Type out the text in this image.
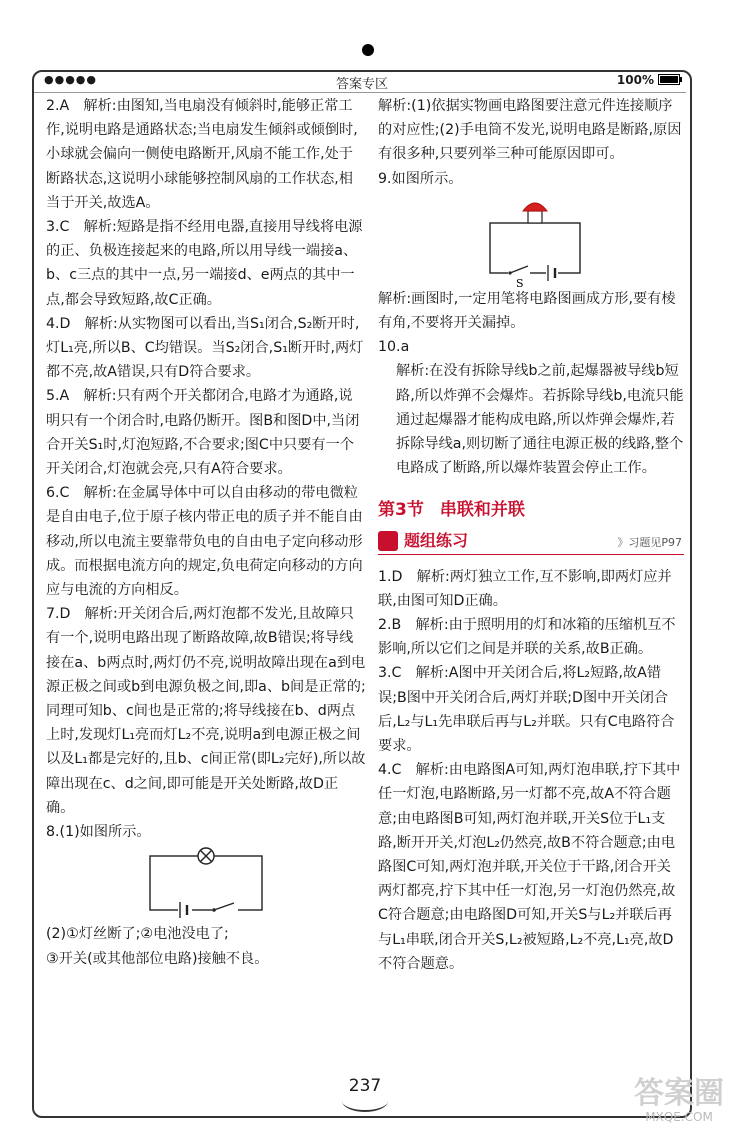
●●●●●	答案专区	100%

2.A　解析:由图知,当电扇没有倾斜时,能够正常工作,说明电路是通路状态;当电扇发生倾斜或倾倒时,小球就会偏向一侧使电路断开,风扇不能工作,处于断路状态,这说明小球能够控制风扇的工作状态,相当于开关,故选A。

3.C　解析:短路是指不经用电器,直接用导线将电源的正、负极连接起来的电路,所以用导线一端接a、b、c三点的其中一点,另一端接d、e两点的其中一点,都会导致短路,故C正确。

4.D　解析:从实物图可以看出,当S₁闭合,S₂断开时,灯L₁亮,所以B、C均错误。当S₂闭合,S₁断开时,两灯都不亮,故A错误,只有D符合要求。

5.A　解析:只有两个开关都闭合,电路才为通路,说明只有一个闭合时,电路仍断开。图B和图D中,当闭合开关S₁时,灯泡短路,不合要求;图C中只要有一个开关闭合,灯泡就会亮,只有A符合要求。

6.C　解析:在金属导体中可以自由移动的带电微粒是自由电子,位于原子核内带正电的质子并不能自由移动,所以电流主要靠带负电的自由电子定向移动形成。而根据电流方向的规定,负电荷定向移动的方向应与电流的方向相反。

7.D　解析:开关闭合后,两灯泡都不发光,且故障只有一个,说明电路出现了断路故障,故B错误;将导线接在a、b两点时,两灯仍不亮,说明故障出现在a到电源正极之间或b到电源负极之间,即a、b间是正常的;同理可知b、c间也是正常的;将导线接在b、d两点上时,发现灯L₁亮而灯L₂不亮,说明a到电源正极之间以及L₁都是完好的,且b、c间正常(即L₂完好),所以故障出现在c、d之间,即可能是开关处断路,故D正确。

8.(1)如图所示。

(2)①灯丝断了;②电池没电了;

③开关(或其他部位电路)接触不良。

解析:(1)依据实物画电路图要注意元件连接顺序的对应性;(2)手电筒不发光,说明电路是断路,原因有很多种,只要列举三种可能原因即可。

9.如图所示。

S

解析:画图时,一定用笔将电路图画成方形,要有棱有角,不要将开关漏掉。

10.a

解析:在没有拆除导线b之前,起爆器被导线b短路,所以炸弹不会爆炸。若拆除导线b,电流只能通过起爆器才能构成电路,所以炸弹会爆炸,若拆除导线a,则切断了通往电源正极的线路,整个电路成了断路,所以爆炸装置会停止工作。

第3节 串联和并联
题组练习	》习题见P97

1.D　解析:两灯独立工作,互不影响,即两灯应并联,由图可知D正确。

2.B　解析:由于照明用的灯和冰箱的压缩机互不影响,所以它们之间是并联的关系,故B正确。

3.C　解析:A图中开关闭合后,将L₂短路,故A错误;B图中开关闭合后,两灯并联;D图中开关闭合后,L₂与L₁先串联后再与L₂并联。只有C电路符合要求。

4.C　解析:由电路图A可知,两灯泡串联,拧下其中任一灯泡,电路断路,另一灯都不亮,故A不符合题意;由电路图B可知,两灯泡并联,开关S位于L₁支路,断开开关,灯泡L₂仍然亮,故B不符合题意;由电路图C可知,两灯泡并联,开关位于干路,闭合开关两灯都亮,拧下其中任一灯泡,另一灯泡仍然亮,故C符合题意;由电路图D可知,开关S与L₂并联后再与L₁串联,闭合开关S,L₂被短路,L₂不亮,L₁亮,故D不符合题意。

237	答案圈
MXQE.COM
